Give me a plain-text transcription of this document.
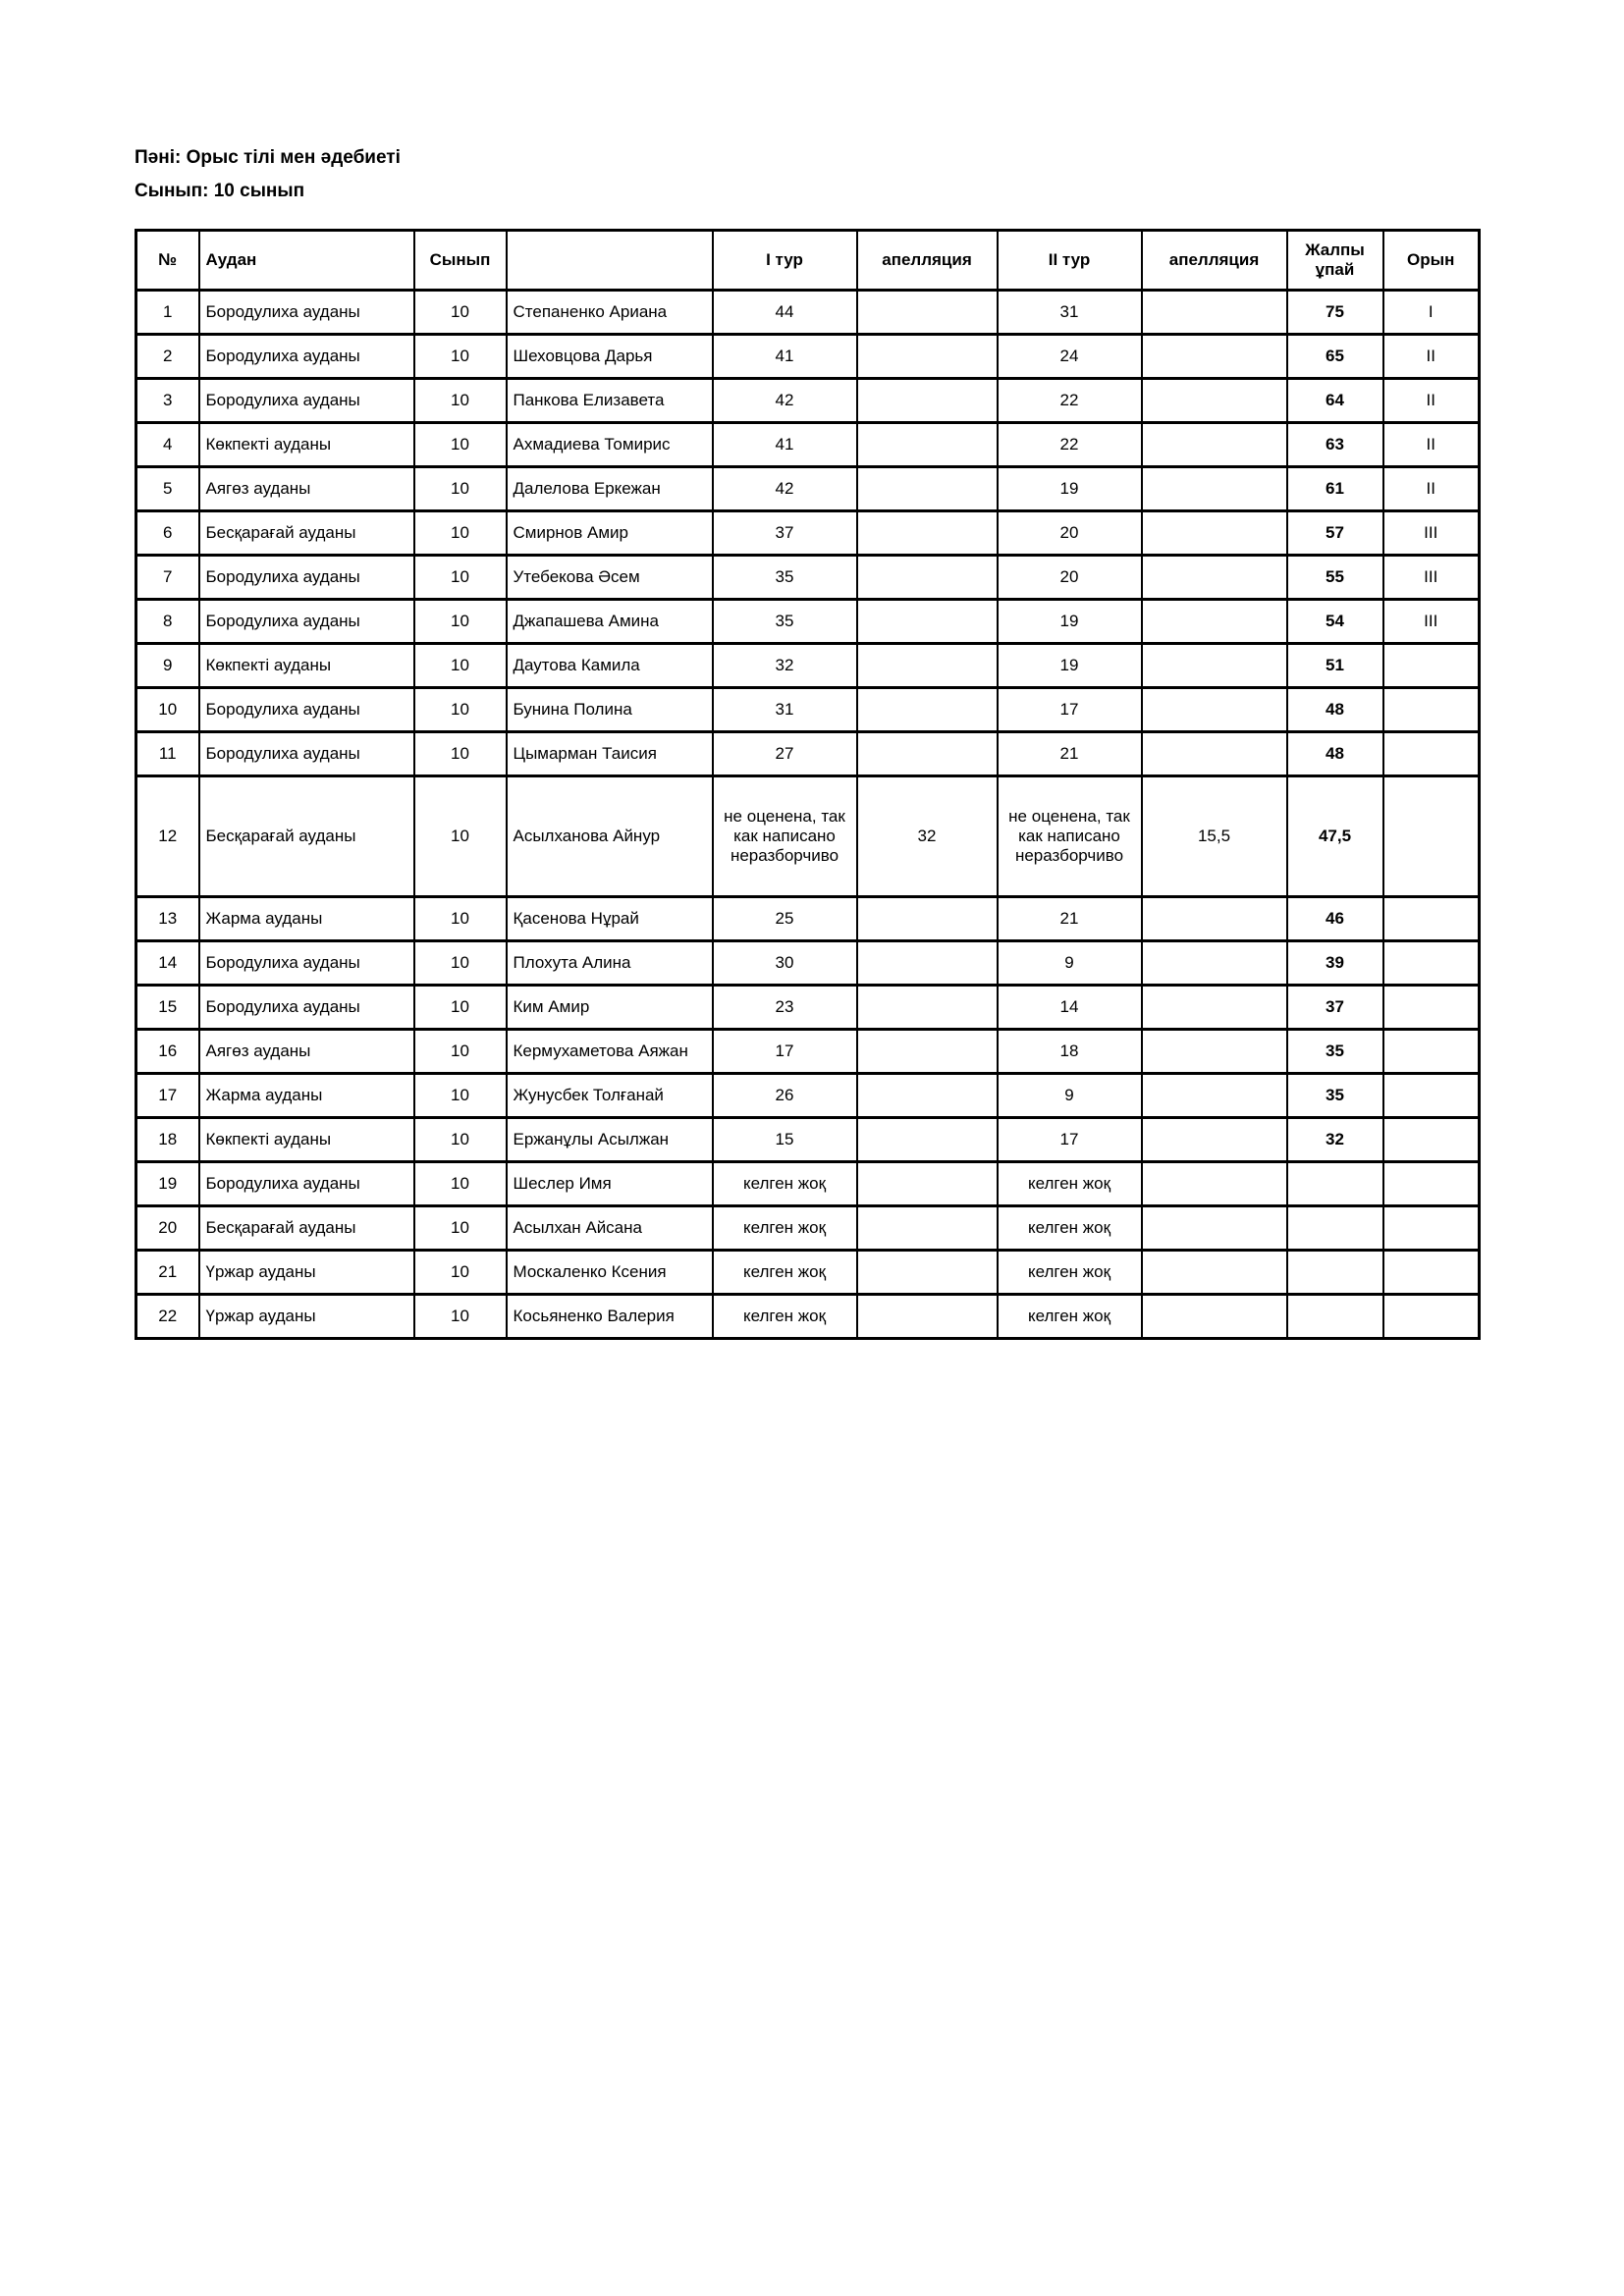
Пәні: Орыс тілі мен әдебиеті
Сынып: 10 сынып
№	Аудан	Сынып		I тур	апелляция	II тур	апелляция	Жалпы ұпай	Орын
1	Бородулиха ауданы	10	Степаненко Ариана	44		31		75	I
2	Бородулиха ауданы	10	Шеховцова Дарья	41		24		65	II
3	Бородулиха ауданы	10	Панкова Елизавета	42		22		64	II
4	Көкпекті ауданы	10	Ахмадиева Томирис	41		22		63	II
5	Аягөз ауданы	10	Далелова Еркежан	42		19		61	II
6	Бесқарағай ауданы	10	Смирнов Амир	37		20		57	III
7	Бородулиха ауданы	10	Утебекова Әсем	35		20		55	III
8	Бородулиха ауданы	10	Джапашева Амина	35		19		54	III
9	Көкпекті ауданы	10	Даутова Камила	32		19		51	
10	Бородулиха ауданы	10	Бунина Полина	31		17		48	
11	Бородулиха ауданы	10	Цымарман Таисия	27		21		48	
12	Бесқарағай ауданы	10	Асылханова Айнур	не оценена, так как написано неразборчиво	32	не оценена, так как написано неразборчиво	15,5	47,5	
13	Жарма ауданы	10	Қасенова Нұрай	25		21		46	
14	Бородулиха ауданы	10	Плохута Алина	30		9		39	
15	Бородулиха ауданы	10	Ким Амир	23		14		37	
16	Аягөз ауданы	10	Кермухаметова Аяжан	17		18		35	
17	Жарма ауданы	10	Жунусбек Толғанай	26		9		35	
18	Көкпекті ауданы	10	Ержанұлы Асылжан	15		17		32	
19	Бородулиха ауданы	10	Шеслер Имя	келген жоқ		келген жоқ			
20	Бесқарағай ауданы	10	Асылхан Айсана	келген жоқ		келген жоқ			
21	Үржар ауданы	10	Москаленко Ксения	келген жоқ		келген жоқ			
22	Үржар ауданы	10	Косьяненко Валерия	келген жоқ		келген жоқ			
